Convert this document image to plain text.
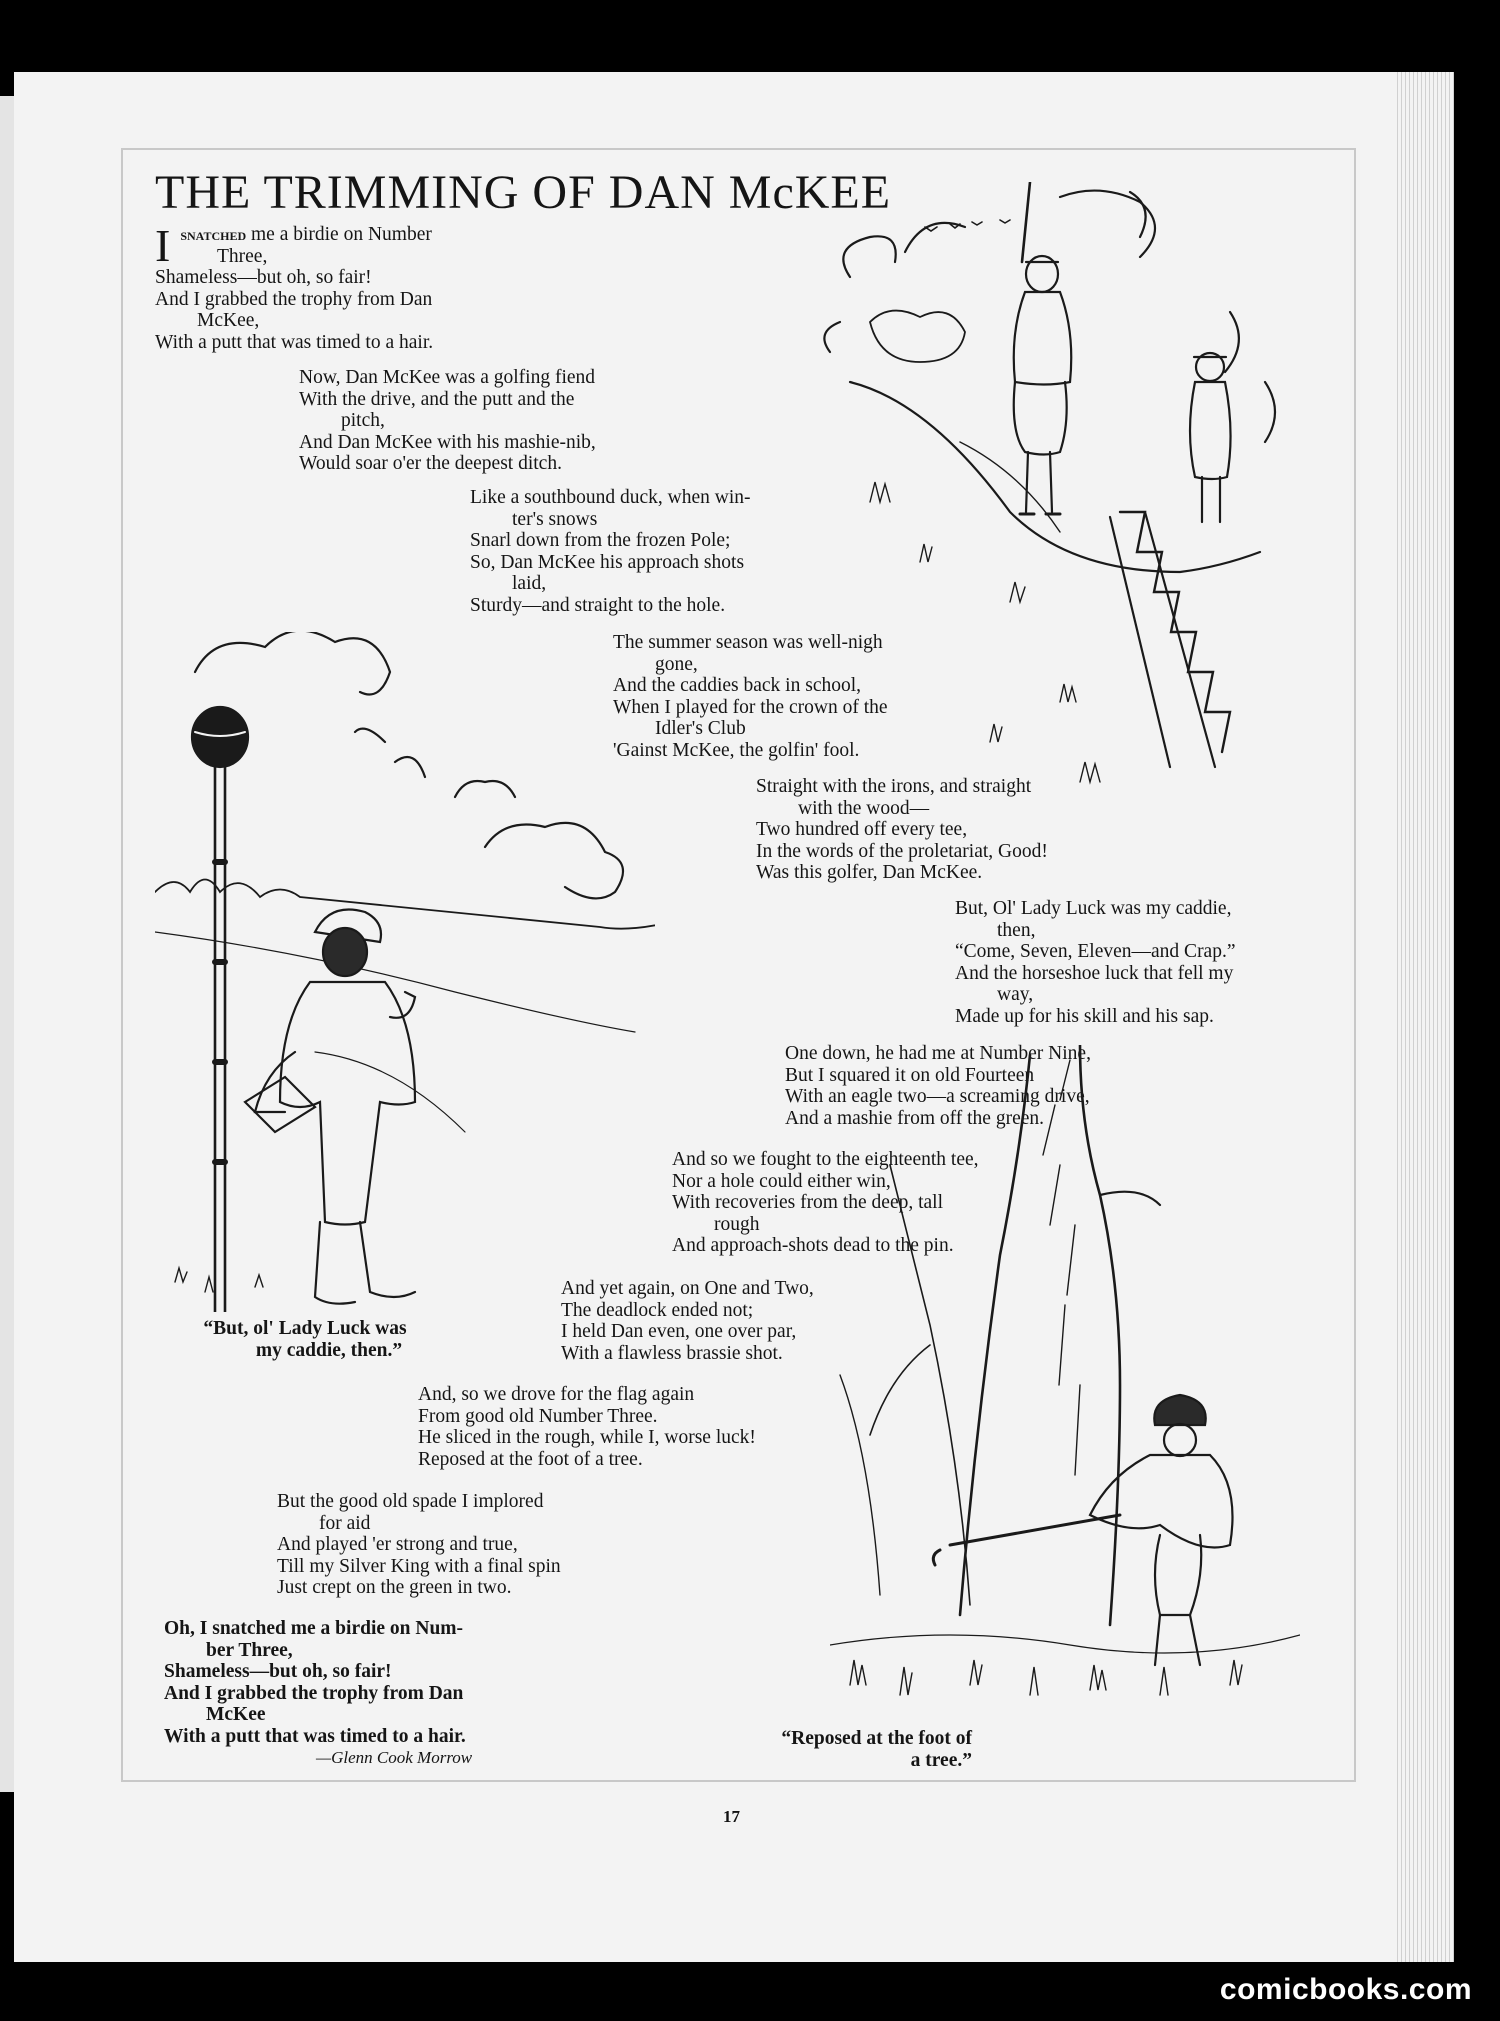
THE TRIMMING OF DAN McKEE
Isnatched me a birdie on Number
Three,
Shameless—but oh, so fair!
And I grabbed the trophy from Dan
McKee,
With a putt that was timed to a hair.
Now, Dan McKee was a golfing fiend
With the drive, and the putt and the
pitch,
And Dan McKee with his mashie-nib,
Would soar o'er the deepest ditch.
Like a southbound duck, when win-
ter's snows
Snarl down from the frozen Pole;
So, Dan McKee his approach shots
laid,
Sturdy—and straight to the hole.
The summer season was well-nigh
gone,
And the caddies back in school,
When I played for the crown of the
Idler's Club
'Gainst McKee, the golfin' fool.
Straight with the irons, and straight
with the wood—
Two hundred off every tee,
In the words of the proletariat, Good!
Was this golfer, Dan McKee.
But, Ol' Lady Luck was my caddie,
then,
“Come, Seven, Eleven—and Crap.”
And the horseshoe luck that fell my
way,
Made up for his skill and his sap.
One down, he had me at Number Nine,
But I squared it on old Fourteen
With an eagle two—a screaming drive,
And a mashie from off the green.
And so we fought to the eighteenth tee,
Nor a hole could either win,
With recoveries from the deep, tall
rough
And approach-shots dead to the pin.
And yet again, on One and Two,
The deadlock ended not;
I held Dan even, one over par,
With a flawless brassie shot.
And, so we drove for the flag again
From good old Number Three.
He sliced in the rough, while I, worse luck!
Reposed at the foot of a tree.
But the good old spade I implored
for aid
And played 'er strong and true,
Till my Silver King with a final spin
Just crept on the green in two.
Oh, I snatched me a birdie on Num-
ber Three,
Shameless—but oh, so fair!
And I grabbed the trophy from Dan
McKee
With a putt that was timed to a hair.
—Glenn Cook Morrow
“But, ol' Lady Luck was
my caddie, then.”
“Reposed at the foot of
a tree.”
17
comicbooks.com
